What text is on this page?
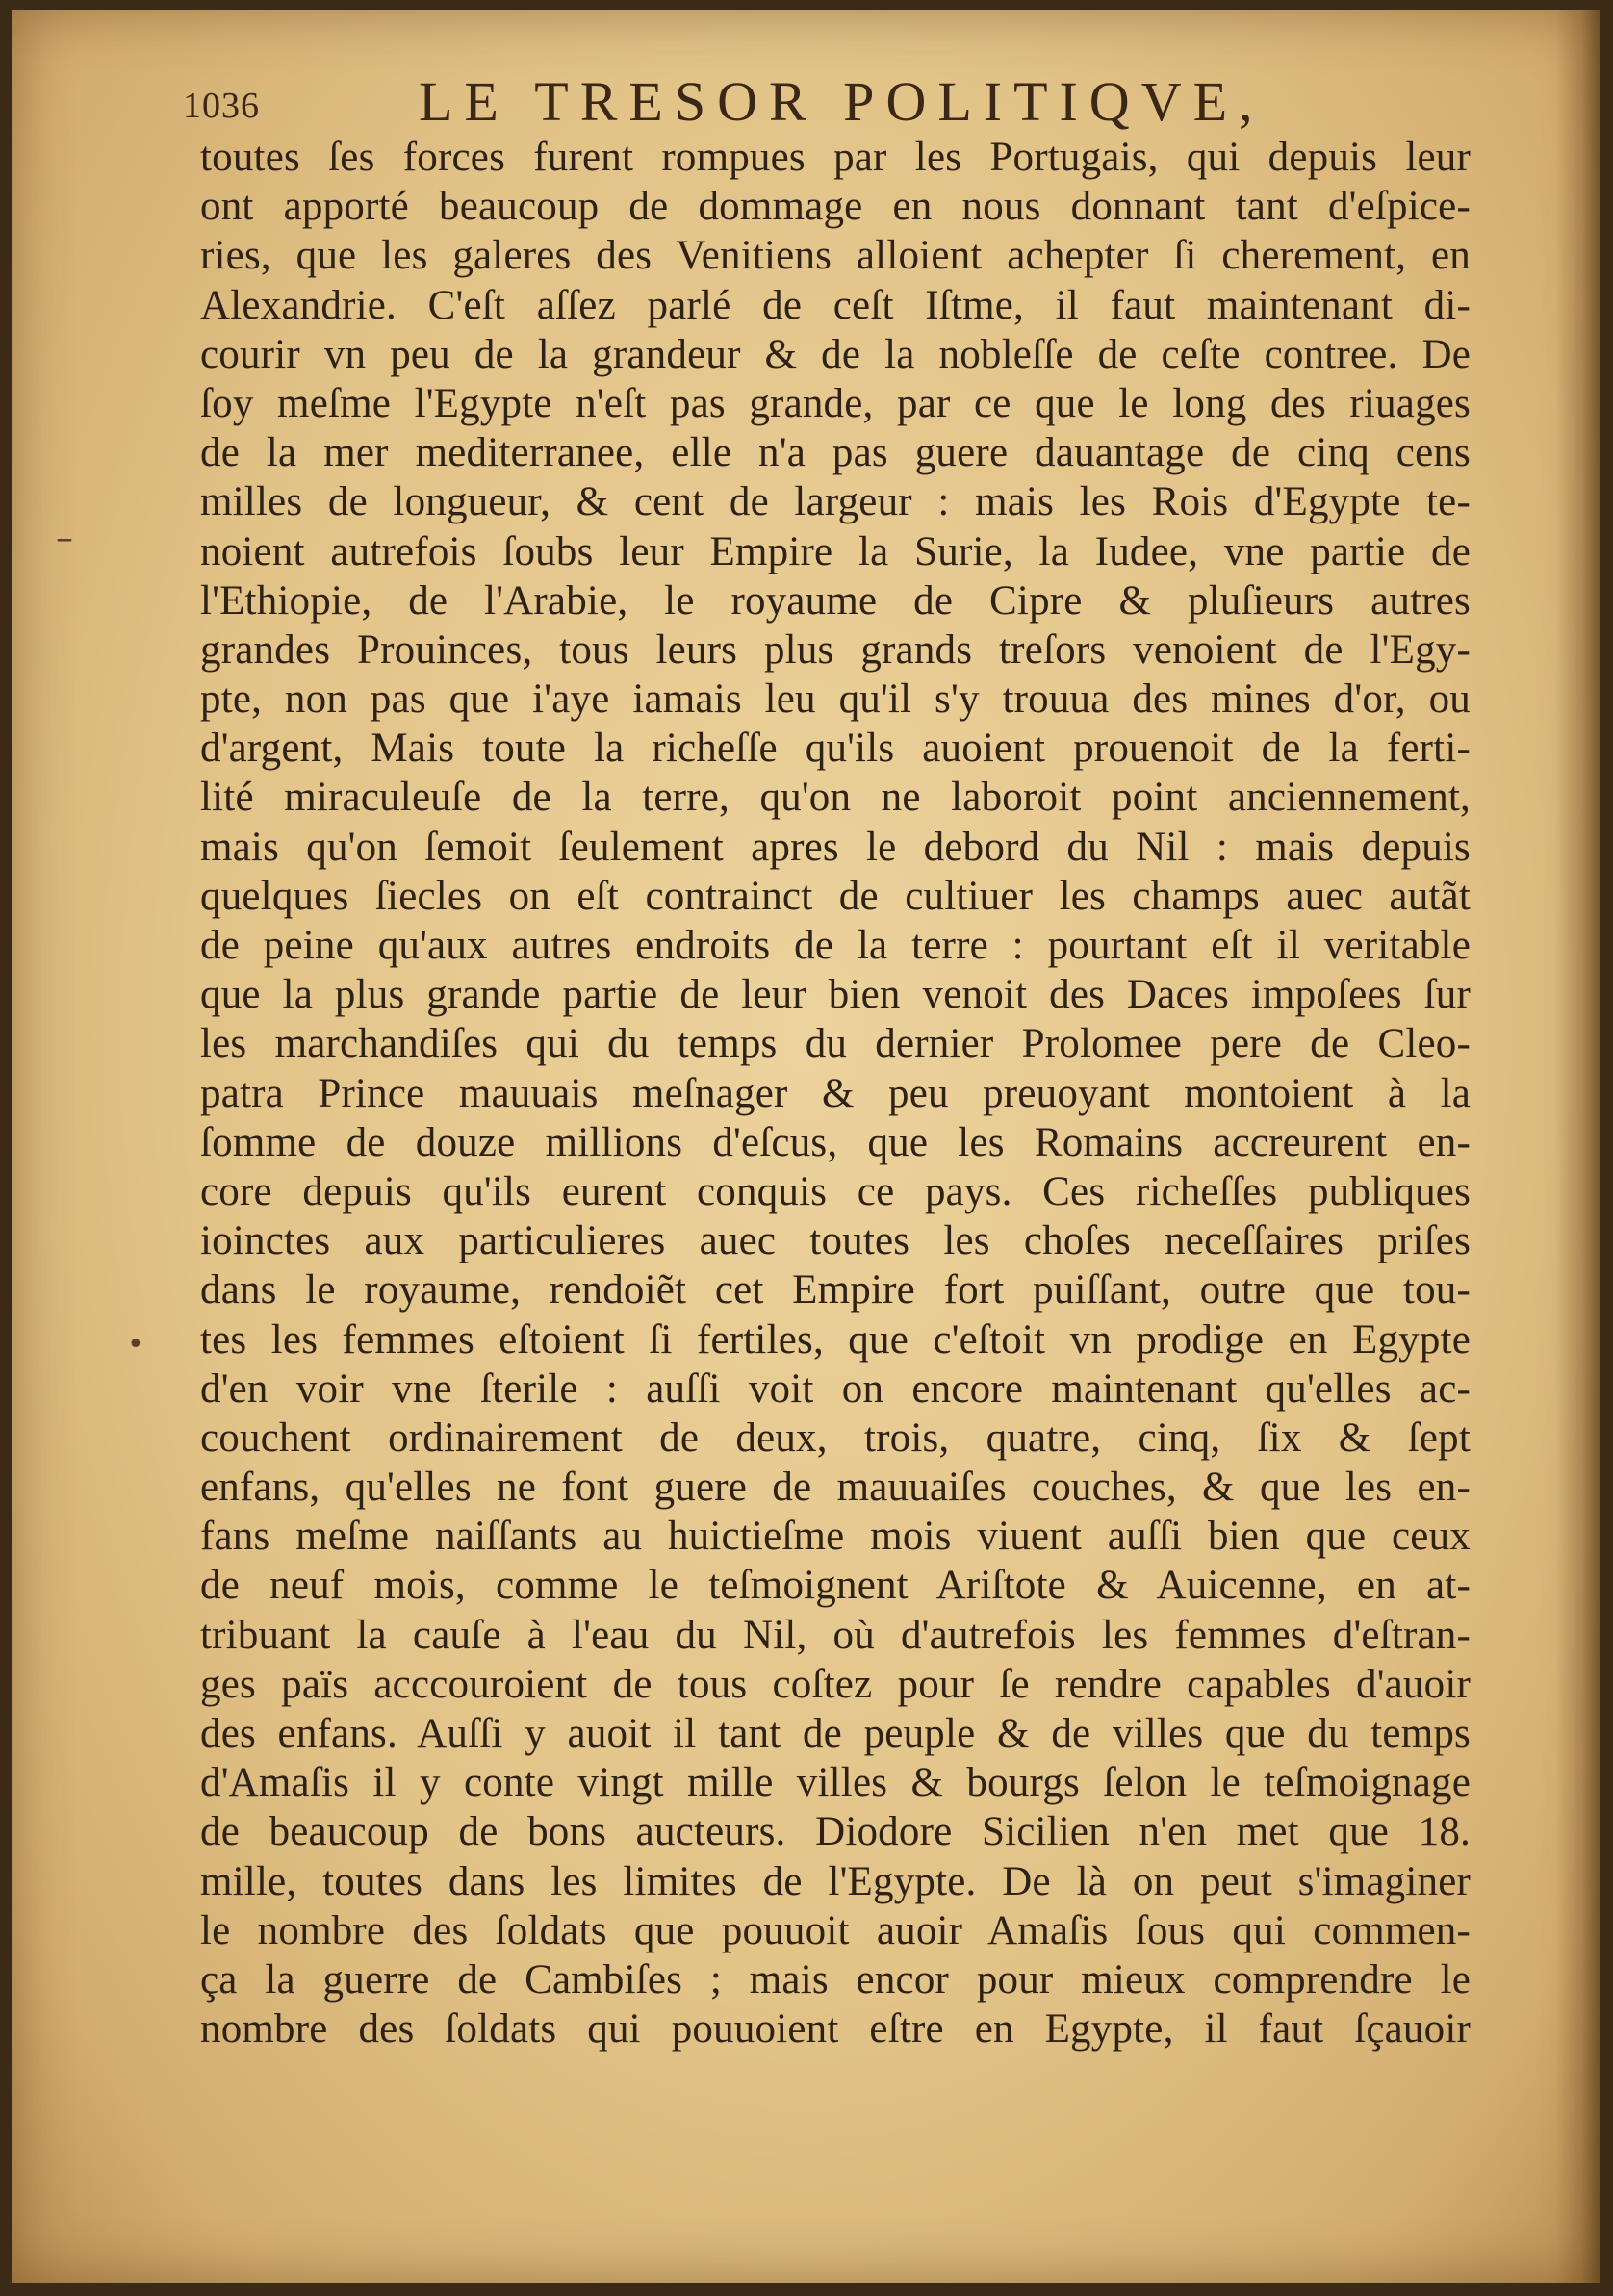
1036	LE TRESOR POLITIQVE,
–
•
toutes ſes forces furent rompues par les Portugais, qui depuis leur
ont apporté beaucoup de dommage en nous donnant tant d'eſpice-
ries, que les galeres des Venitiens alloient achepter ſi cherement, en
Alexandrie. C'eſt aſſez parlé de ceſt Iſtme, il faut maintenant di-
courir vn peu de la grandeur & de la nobleſſe de ceſte contree. De
ſoy meſme l'Egypte n'eſt pas grande, par ce que le long des riuages
de la mer mediterranee, elle n'a pas guere dauantage de cinq cens
milles de longueur, & cent de largeur : mais les Rois d'Egypte te-
noient autrefois ſoubs leur Empire la Surie, la Iudee, vne partie de
l'Ethiopie, de l'Arabie, le royaume de Cipre & pluſieurs autres
grandes Prouinces, tous leurs plus grands treſors venoient de l'Egy-
pte, non pas que i'aye iamais leu qu'il s'y trouua des mines d'or, ou
d'argent, Mais toute la richeſſe qu'ils auoient prouenoit de la ferti-
lité miraculeuſe de la terre, qu'on ne laboroit point anciennement,
mais qu'on ſemoit ſeulement apres le debord du Nil : mais depuis
quelques ſiecles on eſt contrainct de cultiuer les champs auec autãt
de peine qu'aux autres endroits de la terre : pourtant eſt il veritable
que la plus grande partie de leur bien venoit des Daces impoſees ſur
les marchandiſes qui du temps du dernier Prolomee pere de Cleo-
patra Prince mauuais meſnager & peu preuoyant montoient à la
ſomme de douze millions d'eſcus, que les Romains accreurent en-
core depuis qu'ils eurent conquis ce pays. Ces richeſſes publiques
ioinctes aux particulieres auec toutes les choſes neceſſaires priſes
dans le royaume, rendoiẽt cet Empire fort puiſſant, outre que tou-
tes les femmes eſtoient ſi fertiles, que c'eſtoit vn prodige en Egypte
d'en voir vne ſterile : auſſi voit on encore maintenant qu'elles ac-
couchent ordinairement de deux, trois, quatre, cinq, ſix & ſept
enfans, qu'elles ne font guere de mauuaiſes couches, & que les en-
fans meſme naiſſants au huictieſme mois viuent auſſi bien que ceux
de neuf mois, comme le teſmoignent Ariſtote & Auicenne, en at-
tribuant la cauſe à l'eau du Nil, où d'autrefois les femmes d'eſtran-
ges païs acccouroient de tous coſtez pour ſe rendre capables d'auoir
des enfans. Auſſi y auoit il tant de peuple & de villes que du temps
d'Amaſis il y conte vingt mille villes & bourgs ſelon le teſmoignage
de beaucoup de bons aucteurs. Diodore Sicilien n'en met que 18.
mille, toutes dans les limites de l'Egypte. De là on peut s'imaginer
le nombre des ſoldats que pouuoit auoir Amaſis ſous qui commen-
ça la guerre de Cambiſes ; mais encor pour mieux comprendre le
nombre des ſoldats qui pouuoient eſtre en Egypte, il faut ſçauoir
